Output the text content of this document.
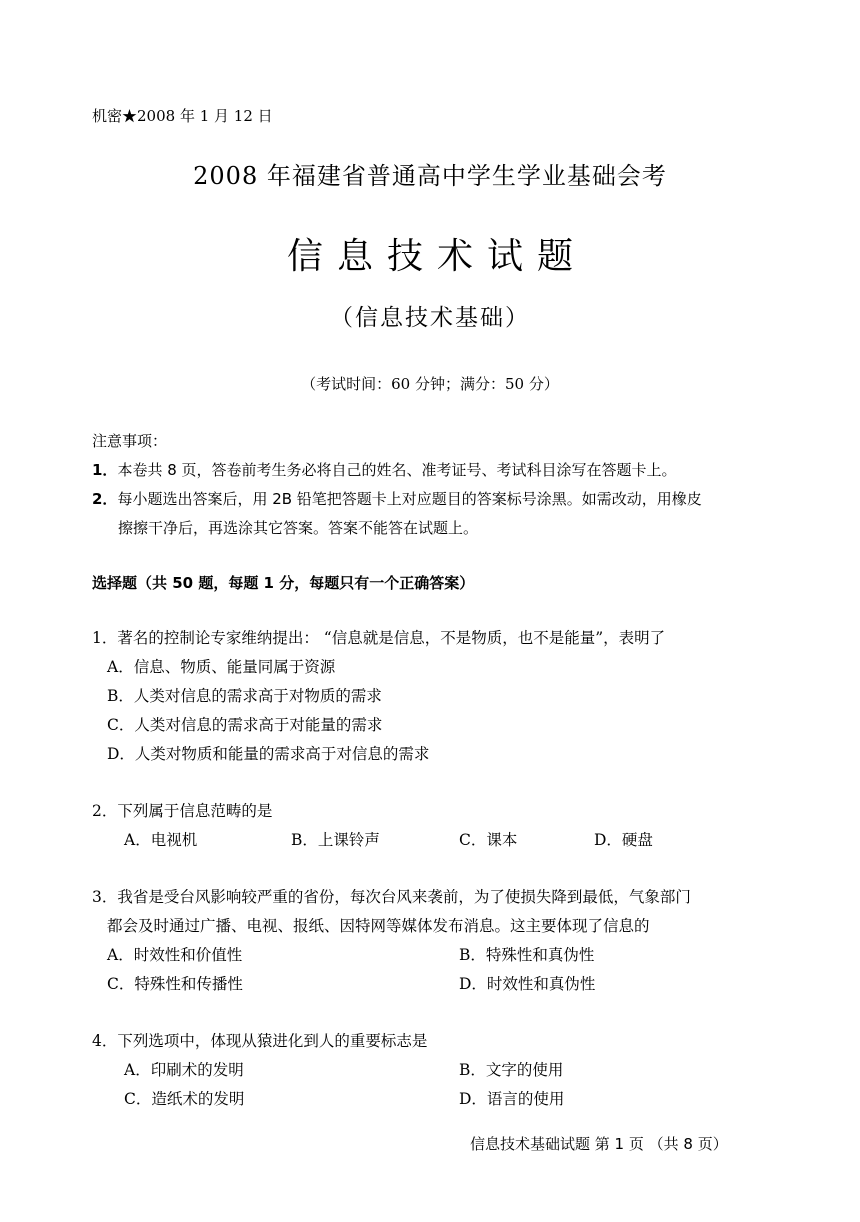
机密★2008 年 1 月 12 日
2008 年福建省普通高中学生学业基础会考
信息技术试题
（信息技术基础）
（考试时间：60 分钟；满分：50 分）
注意事项：
1．本卷共 8 页，答卷前考生务必将自己的姓名、准考证号、考试科目涂写在答题卡上。
2．每小题选出答案后，用 2B 铅笔把答题卡上对应题目的答案标号涂黑。如需改动，用橡皮
擦擦干净后，再选涂其它答案。答案不能答在试题上。
选择题（共 50 题，每题 1 分，每题只有一个正确答案）
1．著名的控制论专家维纳提出： “信息就是信息，不是物质，也不是能量”，表明了
A．信息、物质、能量同属于资源
B．人类对信息的需求高于对物质的需求
C．人类对信息的需求高于对能量的需求
D．人类对物质和能量的需求高于对信息的需求
2．下列属于信息范畴的是
A．电视机	B．上课铃声	C．课本	D．硬盘
3．我省是受台风影响较严重的省份，每次台风来袭前，为了使损失降到最低，气象部门
都会及时通过广播、电视、报纸、因特网等媒体发布消息。这主要体现了信息的
A．时效性和价值性	B．特殊性和真伪性
C．特殊性和传播性	D．时效性和真伪性
4．下列选项中，体现从猿进化到人的重要标志是
A．印刷术的发明	B．文字的使用
C．造纸术的发明	D．语言的使用
信息技术基础试题 第 1 页 （共 8 页）
